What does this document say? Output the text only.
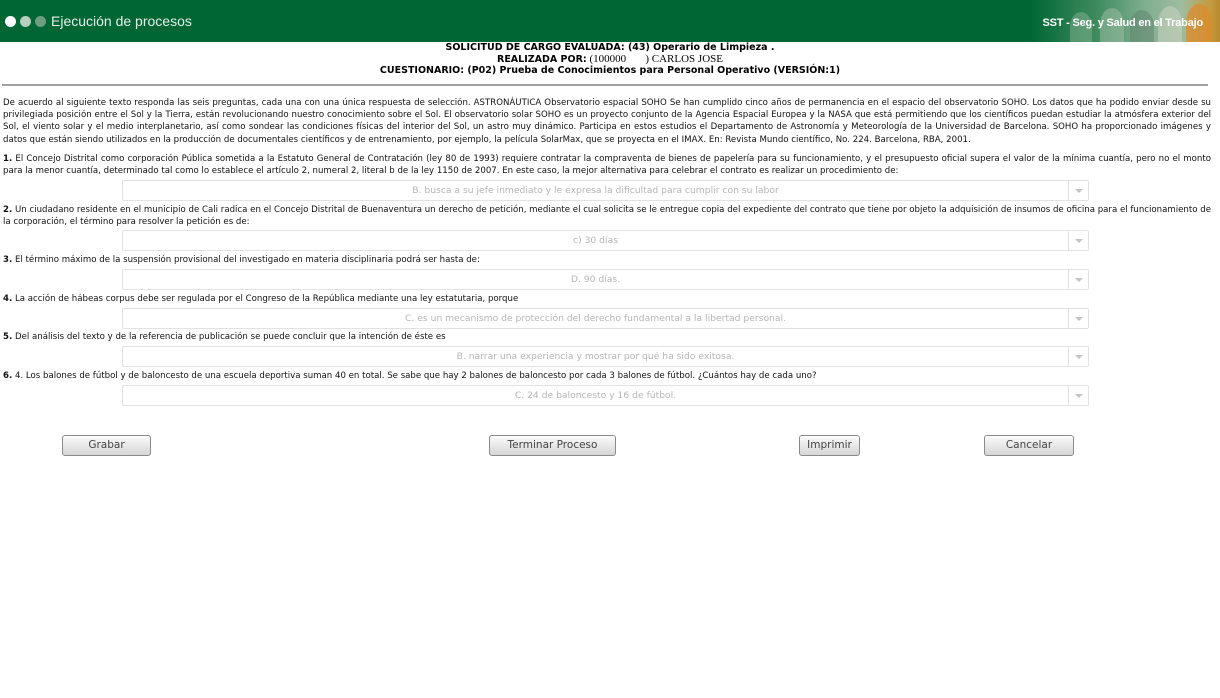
Ejecución de procesos	SST - Seg. y Salud en el Trabajo
SOLICITUD DE CARGO EVALUADA: (43) Operario de Limpieza .
REALIZADA POR: (100000       ) CARLOS JOSE
CUESTIONARIO: (P02) Prueba de Conocimientos para Personal Operativo (VERSIÓN:1)
De acuerdo al siguiente texto responda las seis preguntas, cada una con una única respuesta de selección. ASTRONÁUTICA Observatorio espacial SOHO Se han cumplido cinco años de permanencia en el espacio del observatorio SOHO. Los datos que ha podido enviar desde su privilegiada posición entre el Sol y la Tierra, están revolucionando nuestro conocimiento sobre el Sol. El observatorio solar SOHO es un proyecto conjunto de la Agencia Espacial Europea y la NASA que está permitiendo que los científicos puedan estudiar la atmósfera exterior del Sol, el viento solar y el medio interplanetario, así como sondear las condiciones físicas del interior del Sol, un astro muy dinámico. Participa en estos estudios el Departamento de Astronomía y Meteorología de la Universidad de Barcelona. SOHO ha proporcionado imágenes y datos que están siendo utilizados en la producción de documentales científicos y de entrenamiento, por ejemplo, la película SolarMax, que se proyecta en el IMAX. En: Revista Mundo científico, No. 224. Barcelona, RBA, 2001.
1. El Concejo Distrital como corporación Pública sometida a la Estatuto General de Contratación (ley 80 de 1993) requiere contratar la compraventa de bienes de papelería para su funcionamiento, y el presupuesto oficial supera el valor de la mínima cuantía, pero no el monto para la menor cuantía, determinado tal como lo establece el artículo 2, numeral 2, literal b de la ley 1150 de 2007. En este caso, la mejor alternativa para celebrar el contrato es realizar un procedimiento de:
B. busca a su jefe inmediato y le expresa la dificultad para cumplir con su labor
2. Un ciudadano residente en el municipio de Cali radica en el Concejo Distrital de Buenaventura un derecho de petición, mediante el cual solicita se le entregue copia del expediente del contrato que tiene por objeto la adquisición de insumos de oficina para el funcionamiento de la corporación, el término para resolver la petición es de:
c) 30 días
3. El término máximo de la suspensión provisional del investigado en materia disciplinaria podrá ser hasta de:
D. 90 días.
4. La acción de hábeas corpus debe ser regulada por el Congreso de la República mediante una ley estatutaria, porque
C. es un mecanismo de protección del derecho fundamental a la libertad personal.
5. Del análisis del texto y de la referencia de publicación se puede concluir que la intención de éste es
B. narrar una experiencia y mostrar por qué ha sido exitosa.
6. 4. Los balones de fútbol y de baloncesto de una escuela deportiva suman 40 en total. Se sabe que hay 2 balones de baloncesto por cada 3 balones de fútbol. ¿Cuántos hay de cada uno?
C. 24 de baloncesto y 16 de fútbol.
Grabar	Terminar Proceso	Imprimir	Cancelar
